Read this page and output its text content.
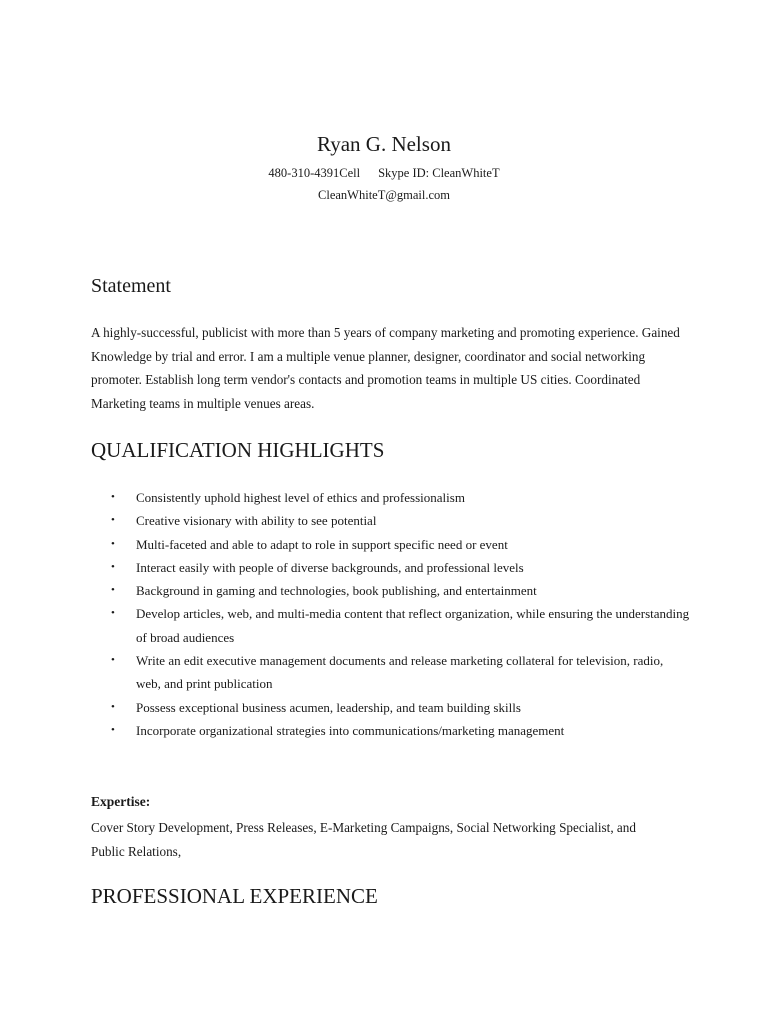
Ryan G. Nelson
480-310-4391Cell Skype ID: CleanWhiteT
CleanWhiteT@gmail.com
Statement

A highly-successful, publicist with more than 5 years of company marketing and promoting experience. Gained Knowledge by trial and error. I am a multiple venue planner, designer, coordinator and social networking promoter. Establish long term vendor's contacts and promotion teams in multiple US cities. Coordinated Marketing teams in multiple venues areas.

QUALIFICATION HIGHLIGHTS
• Consistently uphold highest level of ethics and professionalism
• Creative visionary with ability to see potential
• Multi-faceted and able to adapt to role in support specific need or event
• Interact easily with people of diverse backgrounds, and professional levels
• Background in gaming and technologies, book publishing, and entertainment
• Develop articles, web, and multi-media content that reflect organization, while ensuring the understanding of broad audiences
• Write an edit executive management documents and release marketing collateral for television, radio, web, and print publication
• Possess exceptional business acumen, leadership, and team building skills
• Incorporate organizational strategies into communications/marketing management

Expertise:

Cover Story Development, Press Releases, E-Marketing Campaigns, Social Networking Specialist, and Public Relations,

PROFESSIONAL EXPERIENCE
